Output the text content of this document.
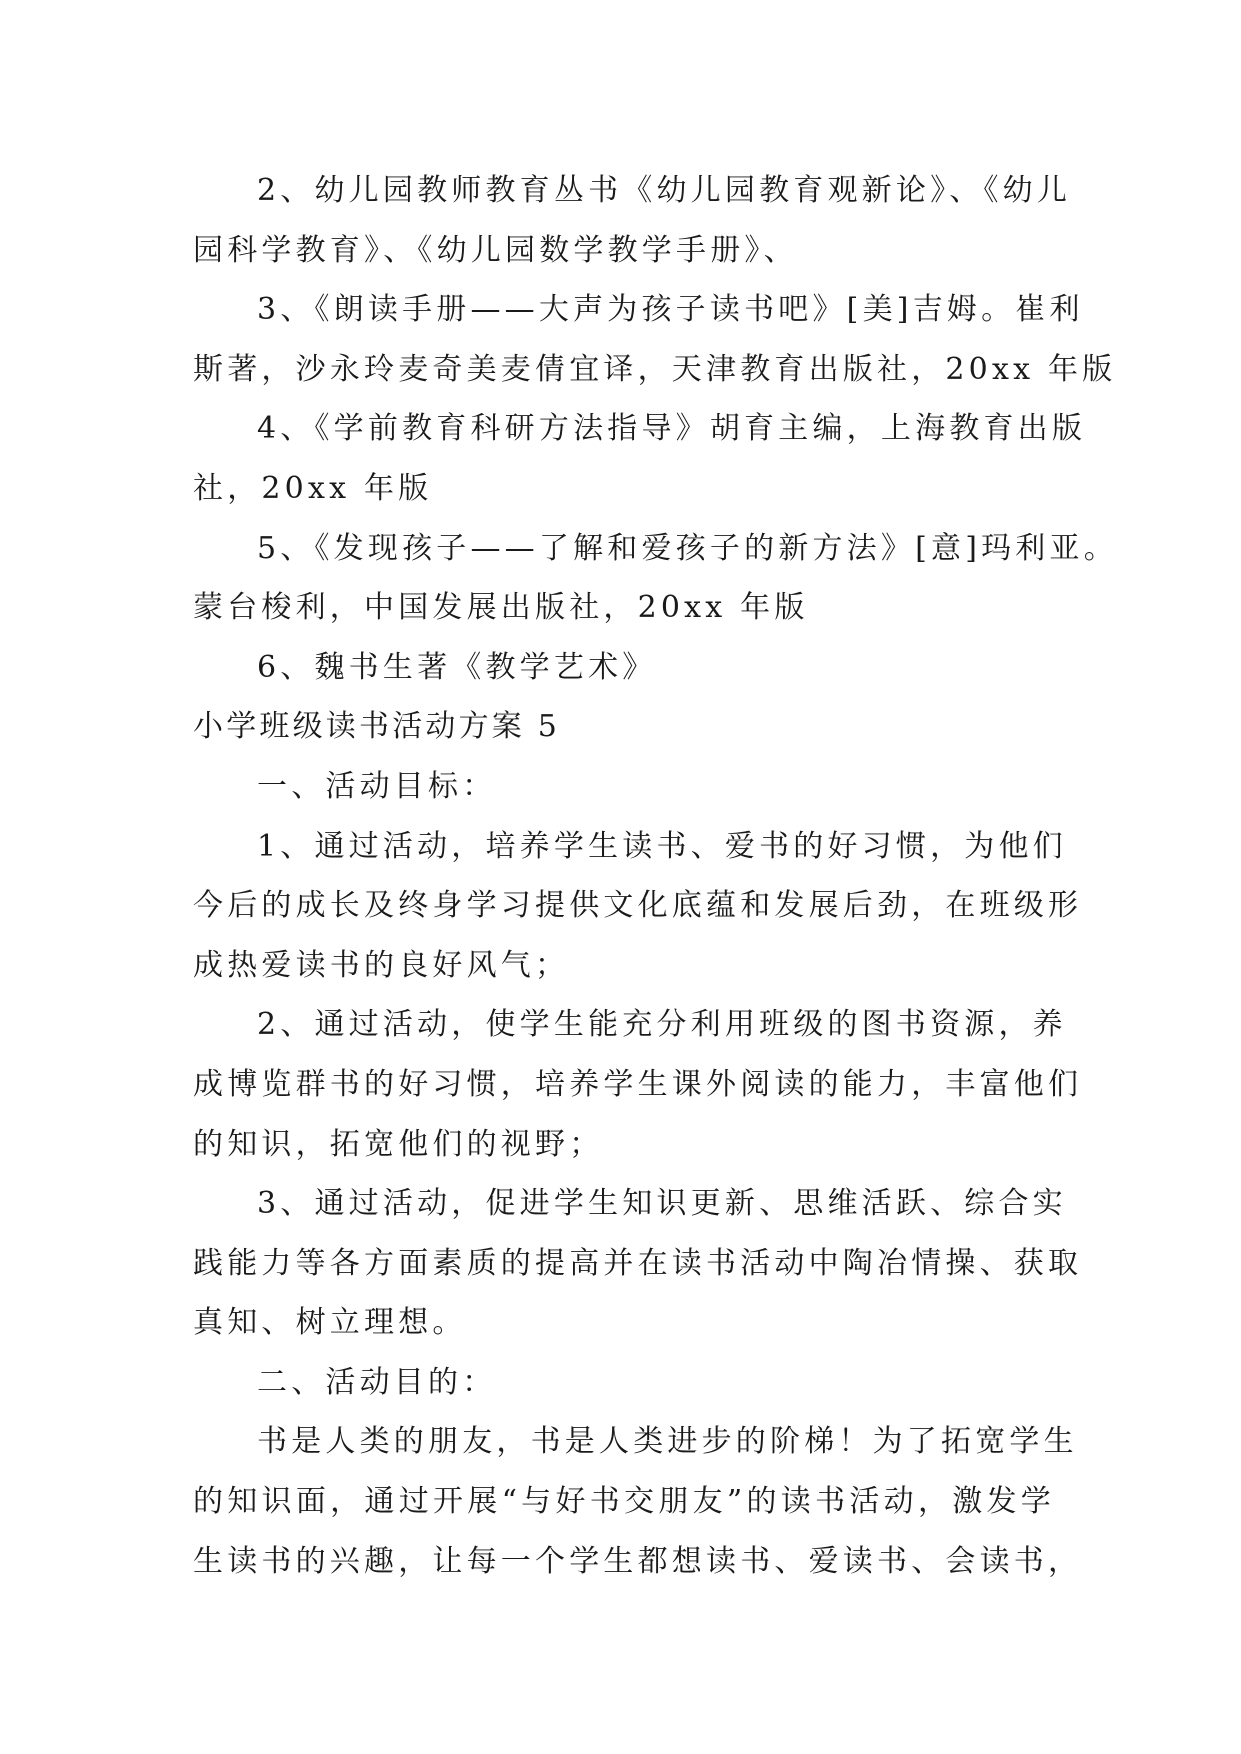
2、幼儿园教师教育丛书《幼儿园教育观新论》、《幼儿
园科学教育》、《幼儿园数学教学手册》、
3、《朗读手册——大声为孩子读书吧》[美]吉姆。崔利
斯著，沙永玲麦奇美麦倩宜译，天津教育出版社，20xx 年版
4、《学前教育科研方法指导》胡育主编，上海教育出版
社，20xx 年版
5、《发现孩子——了解和爱孩子的新方法》[意]玛利亚。
蒙台梭利，中国发展出版社，20xx 年版
6、魏书生著《教学艺术》
小学班级读书活动方案 5
一、活动目标：
1、通过活动，培养学生读书、爱书的好习惯，为他们
今后的成长及终身学习提供文化底蕴和发展后劲，在班级形
成热爱读书的良好风气；
2、通过活动，使学生能充分利用班级的图书资源，养
成博览群书的好习惯，培养学生课外阅读的能力，丰富他们
的知识，拓宽他们的视野；
3、通过活动，促进学生知识更新、思维活跃、综合实
践能力等各方面素质的提高并在读书活动中陶冶情操、获取
真知、树立理想。
二、活动目的：
书是人类的朋友，书是人类进步的阶梯！为了拓宽学生
的知识面，通过开展“与好书交朋友”的读书活动，激发学
生读书的兴趣，让每一个学生都想读书、爱读书、会读书，
